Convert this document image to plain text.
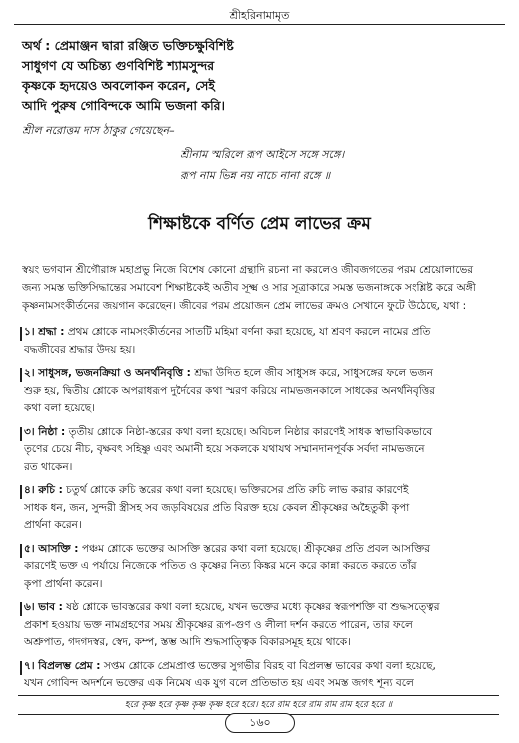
শ্রীহরিনামামৃত
অর্থ : প্রেমাঞ্জন দ্বারা রঞ্জিত ভক্তিচক্ষুবিশিষ্ট
সাধুগণ যে অচিন্ত্য গুণবিশিষ্ট শ্যামসুন্দর
কৃষ্ণকে হৃদয়েও অবলোকন করেন, সেই
আদি পুরুষ গোবিন্দকে আমি ভজনা করি।
শ্রীল নরোত্তম দাস ঠাকুর গেয়েছেন–
শ্রীনাম স্মরিলে রূপ আইসে সঙ্গে সঙ্গে।
রূপ নাম ভিন্ন নয় নাচে নানা রঙ্গে ॥
শিক্ষাষ্টকে বর্ণিত প্রেম লাভের ক্রম
স্বয়ং ভগবান শ্রীগৌরাঙ্গ মহাপ্রভু নিজে বিশেষ কোনো গ্রন্থাদি রচনা না করলেও জীবজগতের পরম শ্রেয়োলাভের
জন্য সমস্ত ভক্তিসিদ্ধান্তের সমাবেশ শিক্ষাষ্টকেই অতীব সূক্ষ্ম ও সার সূত্রাকারে সমস্ত ভজনাঙ্গকে সংশ্লিষ্ট করে অঙ্গী
কৃষ্ণনামসংকীর্তনের জয়গান করেছেন। জীবের পরম প্রয়োজন প্রেম লাভের ক্রমও সেখানে ফুটে উঠেছে, যথা :
১। শ্রদ্ধা : প্রথম শ্লোকে নামসংকীর্তনের সাতটি মহিমা বর্ণনা করা হয়েছে, যা শ্রবণ করলে নামের প্রতি
বদ্ধজীবের শ্রদ্ধার উদয় হয়।
২। সাধুসঙ্গ, ভজনক্রিয়া ও অনর্থনিবৃত্তি : শ্রদ্ধা উদিত হলে জীব সাধুসঙ্গ করে, সাধুসঙ্গের ফলে ভজন
শুরু হয়, দ্বিতীয় শ্লোকে অপরাধরূপ দুর্দৈবের কথা স্মরণ করিয়ে নামভজনকালে সাধকের অনর্থনিবৃত্তির
কথা বলা হয়েছে।
৩। নিষ্ঠা : তৃতীয় শ্লোকে নিষ্ঠা-স্তরের কথা বলা হয়েছে। অবিচল নিষ্ঠার কারণেই সাধক স্বাভাবিকভাবে
তৃণের চেয়ে নীচ, বৃক্ষবৎ সহিষ্ণু এবং অমানী হয়ে সকলকে যথাযথ সম্মানদানপূর্বক সর্বদা নামভজনে
রত থাকেন।
৪। রুচি : চতুর্থ শ্লোকে রুচি স্তরের কথা বলা হয়েছে। ভক্তিরসের প্রতি রুচি লাভ করার কারণেই
সাধক ধন, জন, সুন্দরী স্ত্রীসহ সব জড়বিষয়ের প্রতি বিরক্ত হয়ে কেবল শ্রীকৃষ্ণের অহৈতুকী কৃপা
প্রার্থনা করেন।
৫। আসক্তি : পঞ্চম শ্লোকে ভক্তের আসক্তি স্তরের কথা বলা হয়েছে। শ্রীকৃষ্ণের প্রতি প্রবল আসক্তির
কারণেই ভক্ত এ পর্যায়ে নিজেকে পতিত ও কৃষ্ণের নিত্য কিঙ্কর মনে করে কান্না করতে করতে তাঁর
কৃপা প্রার্থনা করেন।
৬। ভাব : ষষ্ঠ শ্লোকে ভাবস্তরের কথা বলা হয়েছে, যখন ভক্তের মধ্যে কৃষ্ণের স্বরূপশক্তি বা শুদ্ধসত্ত্বের
প্রকাশ হওয়ায় ভক্ত নামগ্রহণের সময় শ্রীকৃষ্ণের রূপ-গুণ ও লীলা দর্শন করতে পারেন, তার ফলে
অশ্রুপাত, গদগদস্বর, স্বেদ, কম্প, স্তম্ভ আদি শুদ্ধসাত্ত্বিক বিকারসমূহ হয়ে থাকে।
৭। বিপ্রলম্ভ প্রেম : সপ্তম শ্লোকে প্রেমপ্রাপ্ত ভক্তের সুগভীর বিরহ বা বিপ্রলম্ভ ভাবের কথা বলা হয়েছে,
যখন গোবিন্দ অদর্শনে ভক্তের এক নিমেষ এক যুগ বলে প্রতিভাত হয় এবং সমস্ত জগৎ শূন্য বলে
হরে কৃষ্ণ হরে কৃষ্ণ কৃষ্ণ কৃষ্ণ হরে হরে। হরে রাম হরে রাম রাম রাম হরে হরে ॥
১৬০
